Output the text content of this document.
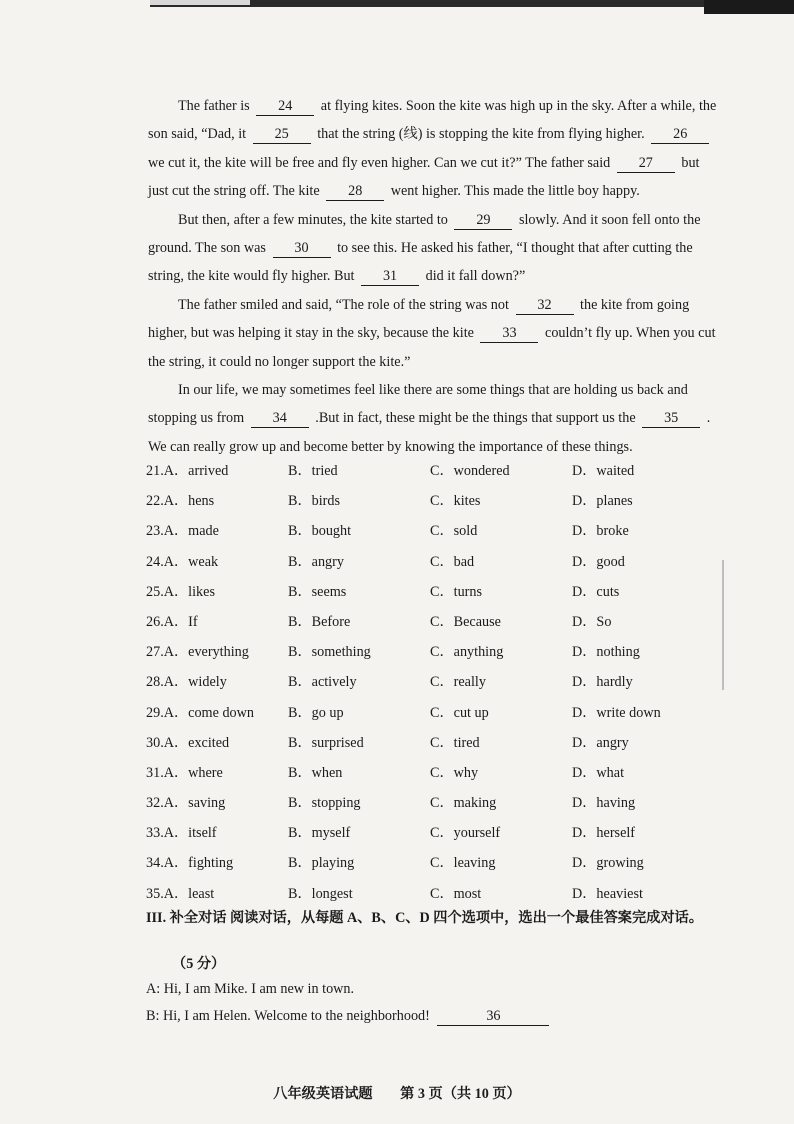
The father is 24 at flying kites. Soon the kite was high up in the sky. After a while, the son said, “Dad, it 25 that the string (线) is stopping the kite from flying higher. 26 we cut it, the kite will be free and fly even higher. Can we cut it?” The father said 27 but just cut the string off. The kite 28 went higher. This made the little boy happy.

But then, after a few minutes, the kite started to 29 slowly. And it soon fell onto the ground. The son was 30 to see this. He asked his father, “I thought that after cutting the string, the kite would fly higher. But 31 did it fall down?”

The father smiled and said, “The role of the string was not 32 the kite from going higher, but was helping it stay in the sky, because the kite 33 couldn’t fly up. When you cut the string, it could no longer support the kite.”

In our life, we may sometimes feel like there are some things that are holding us back and stopping us from 34 .But in fact, these might be the things that support us the 35 . We can really grow up and become better by knowing the importance of these things.

21.A．arrived	B．tried	C．wondered	D．waited
22.A．hens	B．birds	C．kites	D．planes
23.A．made	B．bought	C．sold	D．broke
24.A．weak	B．angry	C．bad	D．good
25.A．likes	B．seems	C．turns	D．cuts
26.A．If	B．Before	C．Because	D．So
27.A．everything	B．something	C．anything	D．nothing
28.A．widely	B．actively	C．really	D．hardly
29.A．come down B．go up	C．cut up	D．write down
30.A．excited	B．surprised	C．tired	D．angry
31.A．where	B．when	C．why	D．what
32.A．saving	B．stopping	C．making	D．having
33.A．itself	B．myself	C．yourself	D．herself
34.A．fighting	B．playing	C．leaving	D．growing
35.A．least	B．longest	C．most	D．heaviest
III. 补全对话 阅读对话，从每题 A、B、C、D 四个选项中，选出一个最佳答案完成对话。
（5 分）
A: Hi, I am Mike. I am new in town.
B: Hi, I am Helen. Welcome to the neighborhood!	36
八年级英语试题 第 3 页（共 10 页）
